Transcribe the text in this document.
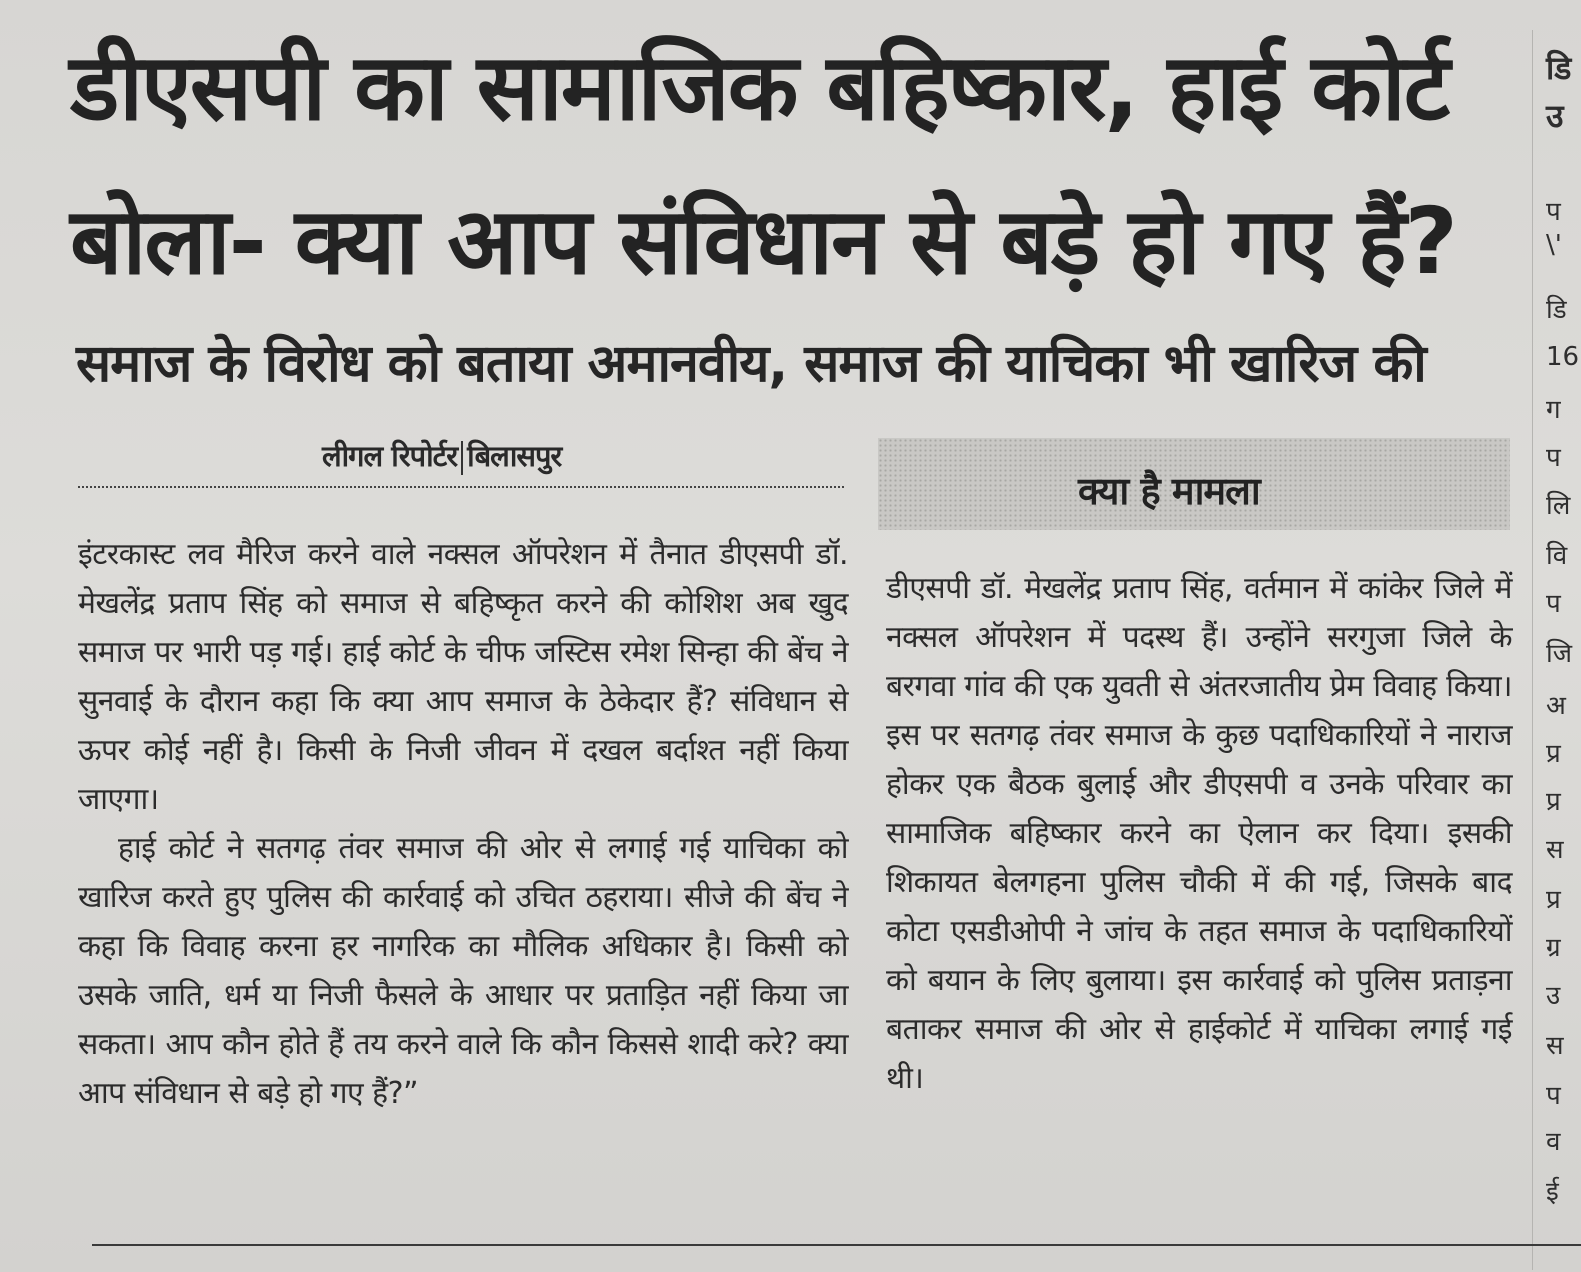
डीएसपी का सामाजिक बहिष्कार, हाई कोर्ट
बोला- क्या आप संविधान से बड़े हो गए हैं?
समाज के विरोध को बताया अमानवीय, समाज की याचिका भी खारिज की
लीगल रिपोर्टर बिलासपुर

इंटरकास्ट लव मैरिज करने वाले नक्सल ऑपरेशन में तैनात डीएसपी डॉ. मेखलेंद्र प्रताप सिंह को समाज से बहिष्कृत करने की कोशिश अब खुद समाज पर भारी पड़ गई। हाई कोर्ट के चीफ जस्टिस रमेश सिन्हा की बेंच ने सुनवाई के दौरान कहा कि क्या आप समाज के ठेकेदार हैं? संविधान से ऊपर कोई नहीं है। किसी के निजी जीवन में दखल बर्दाश्त नहीं किया जाएगा।

हाई कोर्ट ने सतगढ़ तंवर समाज की ओर से लगाई गई याचिका को खारिज करते हुए पुलिस की कार्रवाई को उचित ठहराया। सीजे की बेंच ने कहा कि विवाह करना हर नागरिक का मौलिक अधिकार है। किसी को उसके जाति, धर्म या निजी फैसले के आधार पर प्रताड़ित नहीं किया जा सकता। आप कौन होते हैं तय करने वाले कि कौन किससे शादी करे? क्या आप संविधान से बड़े हो गए हैं?”

क्या है मामला

डीएसपी डॉ. मेखलेंद्र प्रताप सिंह, वर्तमान में कांकेर जिले में नक्सल ऑपरेशन में पदस्थ हैं। उन्होंने सरगुजा जिले के बरगवा गांव की एक युवती से अंतरजातीय प्रेम विवाह किया। इस पर सतगढ़ तंवर समाज के कुछ पदाधिकारियों ने नाराज होकर एक बैठक बुलाई और डीएसपी व उनके परिवार का सामाजिक बहिष्कार करने का ऐलान कर दिया। इसकी शिकायत बेलगहना पुलिस चौकी में की गई, जिसके बाद कोटा एसडीओपी ने जांच के तहत समाज के पदाधिकारियों को बयान के लिए बुलाया। इस कार्रवाई को पुलिस प्रताड़ना बताकर समाज की ओर से हाईकोर्ट में याचिका लगाई गई थी।

डि
उ
प
\'
डि
16
ग
प
लि
वि
प
जि
अ
प्र
प्र
स
प्र
ग्र
उ
स
प
व
ई
